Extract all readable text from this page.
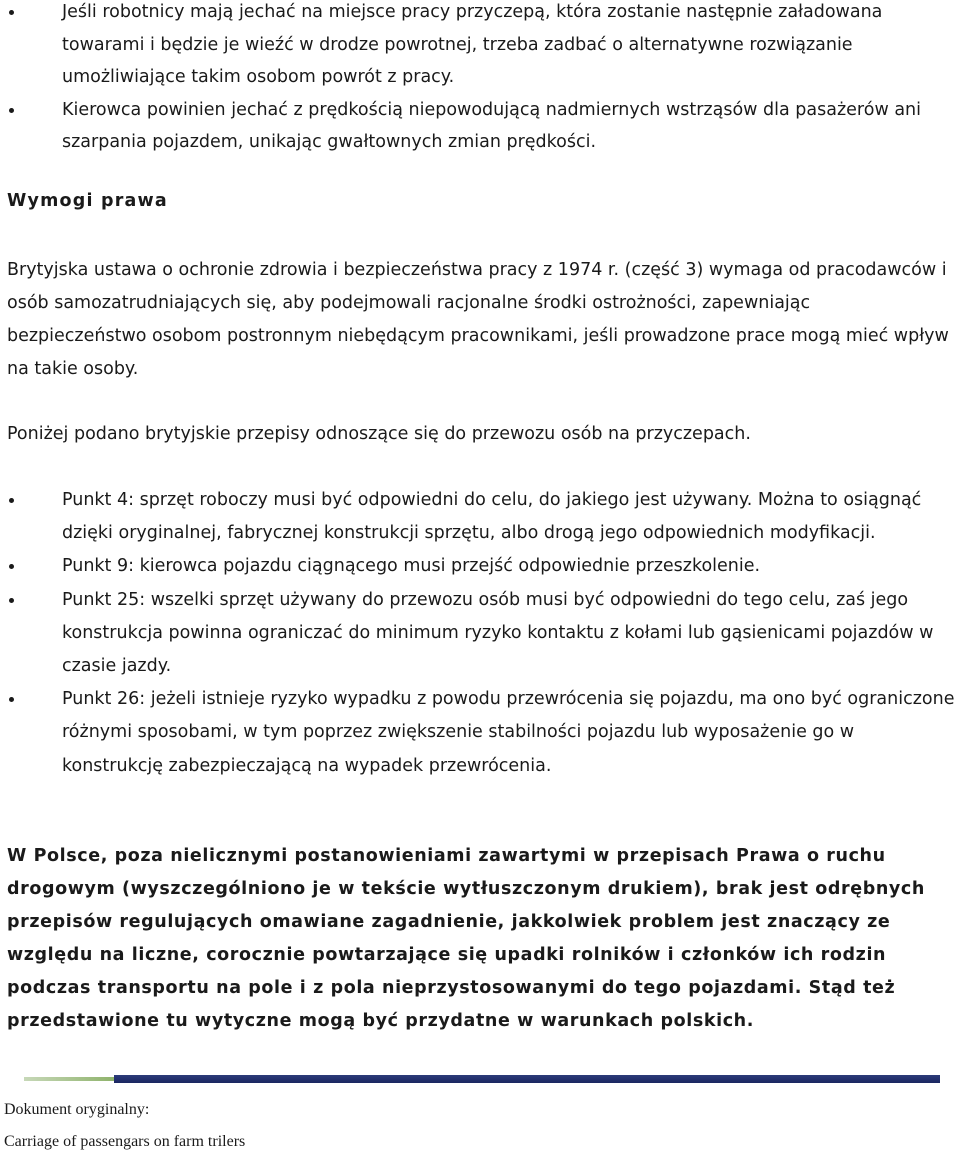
Jeśli robotnicy mają jechać na miejsce pracy przyczepą, która zostanie następnie załadowana towarami i będzie je wieźć w drodze powrotnej, trzeba zadbać o alternatywne rozwiązanie umożliwiające takim osobom powrót z pracy.
Kierowca powinien jechać z prędkością niepowodującą nadmiernych wstrząsów dla pasażerów ani szarpania pojazdem, unikając gwałtownych zmian prędkości.
Wymogi prawa

Brytyjska ustawa o ochronie zdrowia i bezpieczeństwa pracy z 1974 r. (część 3) wymaga od pracodawców i osób samozatrudniających się, aby podejmowali racjonalne środki ostrożności, zapewniając bezpieczeństwo osobom postronnym niebędącym pracownikami, jeśli prowadzone prace mogą mieć wpływ na takie osoby.

Poniżej podano brytyjskie przepisy odnoszące się do przewozu osób na przyczepach.

Punkt 4: sprzęt roboczy musi być odpowiedni do celu, do jakiego jest używany. Można to osiągnąć dzięki oryginalnej, fabrycznej konstrukcji sprzętu, albo drogą jego odpowiednich modyfikacji.
Punkt 9: kierowca pojazdu ciągnącego musi przejść odpowiednie przeszkolenie.
Punkt 25: wszelki sprzęt używany do przewozu osób musi być odpowiedni do tego celu, zaś jego konstrukcja powinna ograniczać do minimum ryzyko kontaktu z kołami lub gąsienicami pojazdów w czasie jazdy.
Punkt 26: jeżeli istnieje ryzyko wypadku z powodu przewrócenia się pojazdu, ma ono być ograniczone różnymi sposobami, w tym poprzez zwiększenie stabilności pojazdu lub wyposażenie go w konstrukcję zabezpieczającą na wypadek przewrócenia.

W Polsce, poza nielicznymi postanowieniami zawartymi w przepisach Prawa o ruchu drogowym (wyszczególniono je w tekście wytłuszczonym drukiem), brak jest odrębnych przepisów regulujących omawiane zagadnienie, jakkolwiek problem jest znaczący ze względu na liczne, corocznie powtarzające się upadki rolników i członków ich rodzin podczas transportu na pole i z pola nieprzystosowanymi do tego pojazdami. Stąd też przedstawione tu wytyczne mogą być przydatne w warunkach polskich.

Dokument oryginalny:

Carriage of passengars on farm trilers
